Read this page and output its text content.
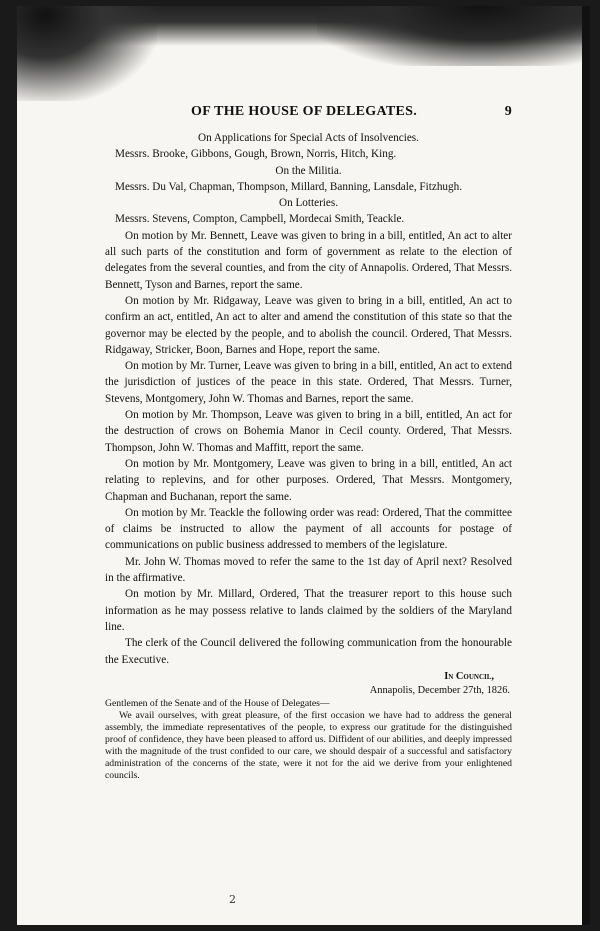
OF THE HOUSE OF DELEGATES.	9

On Applications for Special Acts of Insolvencies.

Messrs. Brooke, Gibbons, Gough, Brown, Norris, Hitch, King.

On the Militia.

Messrs. Du Val, Chapman, Thompson, Millard, Banning, Lansdale, Fitzhugh.

On Lotteries.

Messrs. Stevens, Compton, Campbell, Mordecai Smith, Teackle.

On motion by Mr. Bennett, Leave was given to bring in a bill, entitled, An act to alter all such parts of the constitution and form of government as relate to the election of delegates from the several counties, and from the city of Annapolis. Ordered, That Messrs. Bennett, Tyson and Barnes, report the same.

On motion by Mr. Ridgaway, Leave was given to bring in a bill, entitled, An act to confirm an act, entitled, An act to alter and amend the constitution of this state so that the governor may be elected by the people, and to abolish the council. Ordered, That Messrs. Ridgaway, Stricker, Boon, Barnes and Hope, report the same.

On motion by Mr. Turner, Leave was given to bring in a bill, entitled, An act to extend the jurisdiction of justices of the peace in this state. Ordered, That Messrs. Turner, Stevens, Montgomery, John W. Thomas and Barnes, report the same.

On motion by Mr. Thompson, Leave was given to bring in a bill, entitled, An act for the destruction of crows on Bohemia Manor in Cecil county. Ordered, That Messrs. Thompson, John W. Thomas and Maffitt, report the same.

On motion by Mr. Montgomery, Leave was given to bring in a bill, entitled, An act relating to replevins, and for other purposes. Ordered, That Messrs. Montgomery, Chapman and Buchanan, report the same.

On motion by Mr. Teackle the following order was read: Ordered, That the committee of claims be instructed to allow the payment of all accounts for postage of communications on public business addressed to members of the legislature.

Mr. John W. Thomas moved to refer the same to the 1st day of April next? Resolved in the affirmative.

On motion by Mr. Millard, Ordered, That the treasurer report to this house such information as he may possess relative to lands claimed by the soldiers of the Maryland line.

The clerk of the Council delivered the following communication from the honourable the Executive.

In Council,
Annapolis, December 27th, 1826.

Gentlemen of the Senate and of the House of Delegates—

We avail ourselves, with great pleasure, of the first occasion we have had to address the general assembly, the immediate representatives of the people, to express our gratitude for the distinguished proof of confidence, they have been pleased to afford us. Diffident of our abilities, and deeply impressed with the magnitude of the trust confided to our care, we should despair of a successful and satisfactory administration of the concerns of the state, were it not for the aid we derive from your enlightened councils.

2
